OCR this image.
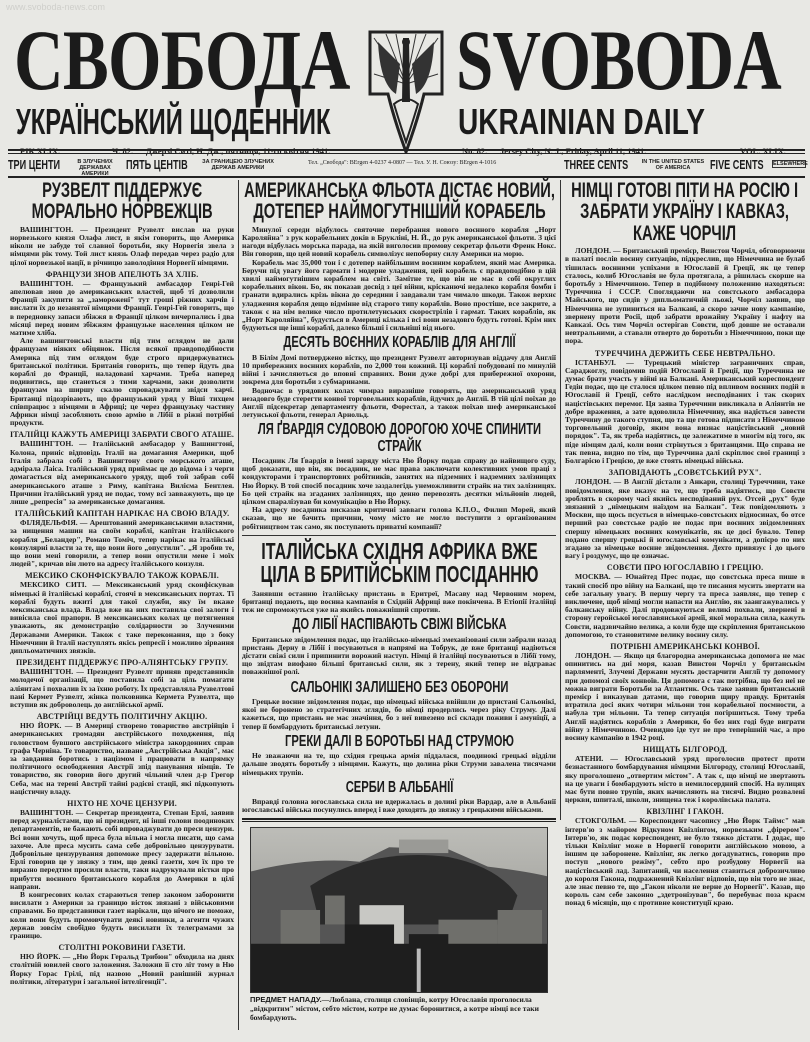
www.svoboda-news.com
СВОБОДА SVOBODA
УКРАЇНСЬКИЙ ЩОДЕННИК	UKRAINIAN DAILY
РІК XLIX.	Ч. 82. Джерзі Ситі, Н. Дж., пятниця, 11-го квітня 1941.	No. 82. Jersey City, N. J., Friday, April 11, 1941.	VOL. XLIX.
ТРИ ЦЕНТИ	В ЗЛУЧЕНИХ ДЕРЖАВАХ АМЕРИКИ
ПЯТЬ ЦЕНТІВ	ЗА ГРАНИЦЕЮ ЗЛУЧЕНИХ ДЕРЖАВ АМЕРИКИ
Тел. „Свобода": BErgen 4-0237 4-0807 — Тел. У. Н. Союзу: BErgen 4-1016	THREE CENTS	IN THE UNITED STATES OF AMERICA	FIVE CENTS ELSEWHERE
РУЗВЕЛТ ПІДДЕРЖУЄ МОРАЛЬНО НОРВЕЖЦІВ
ВАШИНГТОН. — Президент Рузвелт вислав на руки норвезького князя Олафа лист, в якім говорить, що Америка ніколи не забуде тої славної боротьби, яку Норвегія звела з німцями рік тому. Той лист князь Олаф передав через радіо для цілої норвезької нації, в річницю заволодіння Норвегії німцями.
ФРАНЦУЗИ ЗНОВ АПЕЛЮТЬ ЗА ХЛІБ.
ВАШИНГТОН. — Французький амбасадор Генрі-Гей апелював знов до американських властей, щоб ті дозволили Франції закупити за „заморожені" тут гроші ріжних харчів і вислати їх до незанятої німцями Франції. Генрі-Гей говорить, що в передновку запаси збіжжя в Франції цілком вичерпались і два місяці перед новим збіжжям французьке населення цілком не матиме хліба.
Але вашингтонські власти під тим оглядом не дали французам ніяких обіцянок. Після всякої правдоподібности Америка під тим оглядом буде строго придержуватись британської політики. Британія говорить, що тепер йдуть два кораблі до Франції, наладовані харчами. Треба наперед подивитись, що станеться з тими харчами, заки дозволити французам на ширшу скалю спроваджувати звідси харчі. Британці підозрівають, що французький уряд у Віші тихцем співпрацює з німцями в Африці; це через французьку частину Африки німці засобляють свою армію в Лібії в ріжні потрібні продукти.
ІТАЛІЙЦІ КАЖУТЬ АМЕРИЦІ ЗАБРАТИ СВОГО АТАШЕ.
ВАШИНГТОН. — Італійський амбасадор у Вашингтоні, Колона, приніс відповідь Італії на домагання Америки, щоб Італія забрала собі з Вашингтону свого морського аташе, адмірала Лаіса. Італійський уряд приймає це до відома і з черги домагається від американського уряду, щоб той забрав собі американського аташе з Риму, капітана Вилієма Бентлея. Причини італійський уряд не подає, тому всі завважують, що це лише „репресія" за американське домагання.
ІТАЛІЙСЬКИЙ КАПІТАН НАРІКАЄ НА СВОЮ ВЛАДУ.
ФІЛЯДЕЛЬФІЯ. — Арештований американськими властями, за нищення машин на своїм кораблі, капітан італійського корабля „Беландер", Романо Томіч, тепер нарікає на італійські конзулярні власти за те, що вони його „опустили". „Я зробив те, що вони мені говорили, а тепер вони опустили мене і моїх людей", кричав він люто на адресу італійського конзуля.
МЕКСИКО СКОНФІСКУВАЛО ТАКОЖ КОРАБЛІ.
МЕКСИКО СИТІ. — Мексиканський уряд сконфіскував німецькі й італійські кораблі, стоячі в мексиканських портах. Ті кораблі будуть вжиті для такої служби, яку їм вкаже мексиканська влада. Влада вже на них поставила свої залоги і вивісила свої прапори. В мексиканських колах це потягнення уважають, як демонстрацію солідарности зо Злученими Державами Америки. Також є таке переконання, що з боку Німеччини й Італії наступлять якісь репресії і можливо зірвання дипльоматичних звязків.
ПРЕЗИДЕНТ ПІДДЕРЖУЄ ПРО-АЛІЯНТСЬКУ ГРУПУ.
ВАШИНГТОН. — Президент Рузвелт приняв представників молодечої організації, що поставила собі за ціль помагати аліянтам і похвалив їх за їхню роботу. Їх представляла Рузвелтові пані Кермет Рузвелт, жінка полковника Кермета Рузвелта, що вступив як доброволець до англійської армії.
АВСТРІЙЦІ ВЕДУТЬ ПОЛІТИЧНУ АКЦІЮ.
НЮ ЙОРК. — В Америці створено товариство австрійців і американських громадян австрійського походження, під головством бувшого австрійського міністра закордонних справ графа Черніна. Те товариство, назване „Австрійська Акція", має за завдання боротись з націзмом і працювати в напрямку політичного освободження Австрії зпід панування німців. Те товариство, як говорив його другий чільний член д-р Грегор Себа, має на терені Австрії тайні радієві стації, які підкопують націстичну владу.
НІХТО НЕ ХОЧЕ ЦЕНЗУРИ.
ВАШИНГТОН. — Секретар президента, Степан Ерлі, заявив перед журналістами, що ні президент, ні інші голови поодиноких департаментів, не бажають собі впроваджувати до преси цензури. Всі вони хочуть, щоб преса була вільна і могла писати, що сама захоче. Але преса мусить сама себе добровільно цензурувати. Добровільне цензурування допоможе пресу задержати вільною. Ерлі говорив це у звязку з тим, що деякі газети, хоч їх про те виразно передтим просили власти, таки надрукували вістки про прибуття воєнного британського корабля до Америки в цілі направи.
В конгресових колах стараються тепер законом заборонити висилати з Америки за границю вісток звязані з військовими справами. Бо представники газет нарікали, що нічого не поможе, коли вони будуть промовчувати деякі новинки, а агенти чужих держав зовсім свобідно будуть висилати їх телеграмами за границю.
СТОЛІТНІ РОКОВИНИ ГАЗЕТИ.
НЮ ЙОРК. — „Ню Йорк Геральд Трибюн" обходила на днях столітній ювилей свого заложення. Заложив її сто літ тому в Ню Йорку Горас Грілі, під назвою „Новий ранішній журнал політики, літератури і загальної інтелігенції".
АМЕРИКАНСЬКА ФЛЬОТА ДІСТАЄ НОВИЙ, ДОТЕПЕР НАЙМОГУТНІШИЙ КОРАБЕЛЬ
Минулої середи відбулось святочне перебрання нового воєнного корабля „Норт Кароляйна" з рук корабельних доків в Брукліні, Н. Й., до рук американської фльоти. З цієї нагоди відбулась морська парада, на якій виголосив промову секретар фльоти Френк Нокс. Він говорив, що цей новий корабель символізує непоборну силу Америки на морю.
Корабель має 35,000 тон і є дотепер найбільшим воєнним кораблем, який має Америка. Беручи під увагу його гармати і модерне уладження, цей корабель є правдоподібно в цій хвилі наймогутнішим кораблем на світі. Замітне те, що він не має в собі округлих корабельних вікон. Бо, як показав досвід з цеї війни, крісканючі недалеко корабля бомби і гранати вдирались крізь вікна до середини і завдавали там чимало шкоди. Також верхнє уладження корабля дещо відмінне від старого типу кораблів. Воно простіше, все закрите, а також є на нім велике число протилетунських скорострілів і гармат. Таких кораблів, як „Норт Кароляйна", будується в Америці кілька і всі вони незадовго будуть готові. Крім них будуються ще інші кораблі, далеко більші і сильніші від нього.
ДЕСЯТЬ ВОЄННИХ КОРАБЛІВ ДЛЯ АНГЛІЇ
В Білім Домі потверджено вістку, що президент Рузвелт авторизував віддачу для Англії 10 прибережних воєнних кораблів, по 2,000 тон кожний. Ці кораблі побудовані по минулій війні і зачисляються до вповні справних. Вони дуже добрі для прибережної охорони, зокрема для боротьби з субмаринами.
Водночас в урядових колах чимраз виразніше говорять, що американський уряд незадовго буде стерегти конвої торговельних кораблів, йдучих до Англії. В тій цілі поїхав до Англії підсекретар департаменту фльоти, Форестал, а також поїхав шеф американської летунської фльоти, генерал Арнольд.
ЛЯ ҐВАРДІЯ СУДОВОЮ ДОРОГОЮ ХОЧЕ СПИНИТИ СТРАЙК
Посадник Ля Ґвардія в імені заряду міста Ню Йорку подав справу до найвищого суду, щоб доказати, що він, як посадник, не має права заключати колективних умов праці з кондукторами і транспортових робітників, занятих на підземних і надземних залізницях Ню Йорку. В той спосіб посадник хоче заздалегідь унеможливити страйк на тих залізницях. Бо цей страйк на згаданих залізницях, що денно перевозять десятки мільйонів людей, цілком спаралізував би комунікацію в Ню Йорку.
На адресу посадника висказав критичні заввагн голова К.П.О., Филип Морей, який сказав, що не бачить причини, чому місто не могло поступити з організованим робітництвом так само, як поступають приватні компанії?
ІТАЛІЙСЬКА СХІДНЯ АФРИКА ВЖЕ ЦІЛА В БРИТІЙСЬКІМ ПОСІДАННЮ
Занявши останню італійську пристань в Еритреї, Масаву над Червоним морем, британці подають, що воєнна кампанія в Східній Африці вже покінчена. В Етіопії італійці теж не спроможуться уже на якийсь поважніший спротив.
ДО ЛІБІЇ НАСПІВАЮТЬ СВІЖІ ВІЙСЬКА
Британське звідомлення подає, що італійсько-німецькі змеханізовані сили забрали назад пристань Дерну в Лібії і посуваються в напрямі на Тобрук, де вже британці надіються дістати свіжі сили і припинити ворожий наступ. Німці й італійці посуваються в Лібії тому, що звідтам виофано більші британські сили, як з терену, який тепер не відграває поважнішої ролі.
САЛЬОНІКІ ЗАЛИШЕНО БЕЗ ОБОРОНИ
Грецьке воєнне звідомлення подає, що німецькі війська ввійшли до пристані Сальонікі, якої не боронено зо стратегічних зглядів, бо німці продерлись через ріку Струму. Далі кажеться, що пристань не має значіння, бо з неї вивезено всі склади поживи і амуніції, а тепер її бомбардують британські летуни.
ГРЕКИ ДАЛІ В БОРОТЬБІ НАД СТРУМОЮ
Не зважаючи на те, що східня грецька армія піддалася, поодинокі грецькі відділи дальше зводять боротьбу з німцями. Кажуть, що долина ріки Струми завалена тисячами німецьких трупів.
СЕРБИ В АЛЬБАНІЇ
Вправді головна югославська сила не вдержалась в долині ріки Вардар, але в Альбанії югославські війська посунулись вперед і вже доходять до звязку з грецькими військами.
ПРЕДМЕТ НАПАДУ.—Люблана, столиця словінців, котру Югославія проголосила „відкритим" містом, себто містом, котре не думає боронитися, а котре німці все таки бомбардують.
НІМЦІ ГОТОВІ ПІТИ НА РОСІЮ І ЗАБРАТИ УКРАЇНУ І КАВКАЗ, КАЖЕ ЧОРЧІЛ
ЛОНДОН. — Британський премієр, Винстон Чорчіл, обговорюючи в палаті послів воєнну ситуацію, підкреслив, що Німеччина не булаб тішилась воєнними успіхами в Югославії й Греції, як це тепер сталось, колиб Югославія не була протягала, а рішилась скорше на боротьбу з Німеччиною. Тепер в подібному положенню находяться: Туреччина і СССР. Споглядаючи на совєтського амбасадора Майського, що сидів у дипльоматичній льожі, Чорчіл заявив, що Німеччина не зупиниться на Балкані, а скоро зачне нову кампанію, звернену проти Росії, щоб забрати врожайну Україну і нафту на Кавказі. Ось тим Чорчіл остерігав Совєти, щоб довше не оставали невтральними, а ставали отверто до боротьби з Німеччиною, поки ще пора.
ТУРЕЧЧИНА ДЕРЖИТЬ СЕБЕ НЕВТРАЛЬНО.
ІСТАНБУЛ. — Турецький міністер заграничних справ, Сараджоглу, повідомив подій Югославії й Греції, що Туреччина не думає брати участь у війні на Балкані. Американський кореспондент Гедін подає, що це сталося цілком певно під впливом воєнних подій в Югославії й Греції, себто наслідком несподіваних і так скорих націстівських перемог. Ця заява Туреччини викликала в Аліянтів не добре враження, а зате вдоволила Німеччину, яка надіється завести Туреччину до такого ступня, що та ще готова підписати з Німеччиною торговельний договір, яким вона визнає націстівський „новий порядок". Та, як треба надіятись, це залежатиме в многім від того, як піде німцям далі, коли вони стрінуться з британцями. Що справа не так певна, видно по тім, що Туреччина далі скріплює свої границі з Болгарією і Грецією, де вже стоять німецькі війська.
ЗАПОВІДАЮТЬ „СОВЄТСЬКИЙ РУХ".
ЛОНДОН. — В Англії дістали з Анкари, столиці Туреччини, таке повідомлення, яке вказує на те, що треба надіятись, що Совєти зроблять в скорому часі якийсь несподіваний рух. Отсей „рух" буде звязаний з „німецьким наїздом на Балкан". Теж повідомляють з Москви, що щось псується в німецько-совєтських відносинах, бо отсе перший раз совєтське радіо не подає при воєнних звідомленнях спершу німецьких воєнних комунікатів, як це досі бувало. Тепер подано спершу грецькі й югославські комунікати, а допієро по них згадано за німецьке воєнне звідомлення. Дехто привязує і до цього вагу і роздумує, що це означає.
СОВЄТИ ПРО ЮГОСЛАВІЮ І ГРЕЦІЮ.
МОСКВА. — Юнайтед Прес подає, що совєтська преса пише в такий спосіб про війну на Балкані, що те писання мусить звертати на себе загальну увагу. В першу чергу та преса заявляє, що тепер є виключене, щоб німці могли напасти на Англію, як заангажувались у балканську війну. Далі продовжуються великі похвали, звернені в сторону геройської югославянської армії, якої моральна сила, кажуть Совєти, надзвичайно велика, а коли буде ще скріплення британською допомогою, то становитиме велику воєнну силу.
ПОТРІБНІ АМЕРИКАНСЬКІ КОНВОЇ.
ЛОНДОН. — Якщо ця благородна американська допомога не має опинитись на дні моря, казав Винстон Чорчіл у британськім парляменті, Злучені Держави мусять достарчити Англії ту допомогу при допомозі своїх конвоїв. Ця допомога є так потрібна, що без неї не можна виграти Боротьби за Атлантик. Ось таке заявив британський премієр і виказував датами, що говорив щиру правду. Британія втратила досі яких чотири мільони тон корабельної поємности, а набула три мільони. Та тепер ситуація погіршиться. Тому треба Англії надіятись кораблів з Америки, бо без них годі буде виграти війну з Німеччиною. Очевидно іде тут не про теперішній час, а про воєнну кампанію в 1942 році.
НИЩАТЬ БІЛГОРОД.
АТЕНИ. — Югославський уряд проголосив протест проти безнастанного бомбардування німцями Білгороду, столиці Югославії, яку проголошено „отвертим містом". А так є, що німці не звертають на це уваги і бомбардують місто в немилосердний спосіб. На вулицях має бути повно трупів, яких начисляють на тисячі. Видно розвалені церкви, шпиталі, школи, знищена теж і королівська палата.
КВІЗЛІНГ І ГАКОН.
СТОКГОЛЬМ. — Кореспондент часопису „Ню Йорк Таймс" мав інтерв'ю з майором Відкуном Квізлінгом, норвезьким „фірером". Інтерв'ю, як подає кореспондент, не було тяжко дістати. І додає, що тільки Квізлінг може в Норвегії говорити англійською мовою, а іншим це заборонене. Квізлінг, як легко догадуватись, говорив про поступ „нового режіму", себто про розбудову Норвегії на націстівський лад. Запитаний, чи населення ставиться доброзичливо до короля Гакона, подражнений Квізлінг відповів, що він того не знає, але знає певно те, що „Гакон ніколи не верне до Норвегії". Казав, що король сам себе законно „здетронізував", бо перебуває поза краєм понад 6 місяців, що є противне конституції краю.
